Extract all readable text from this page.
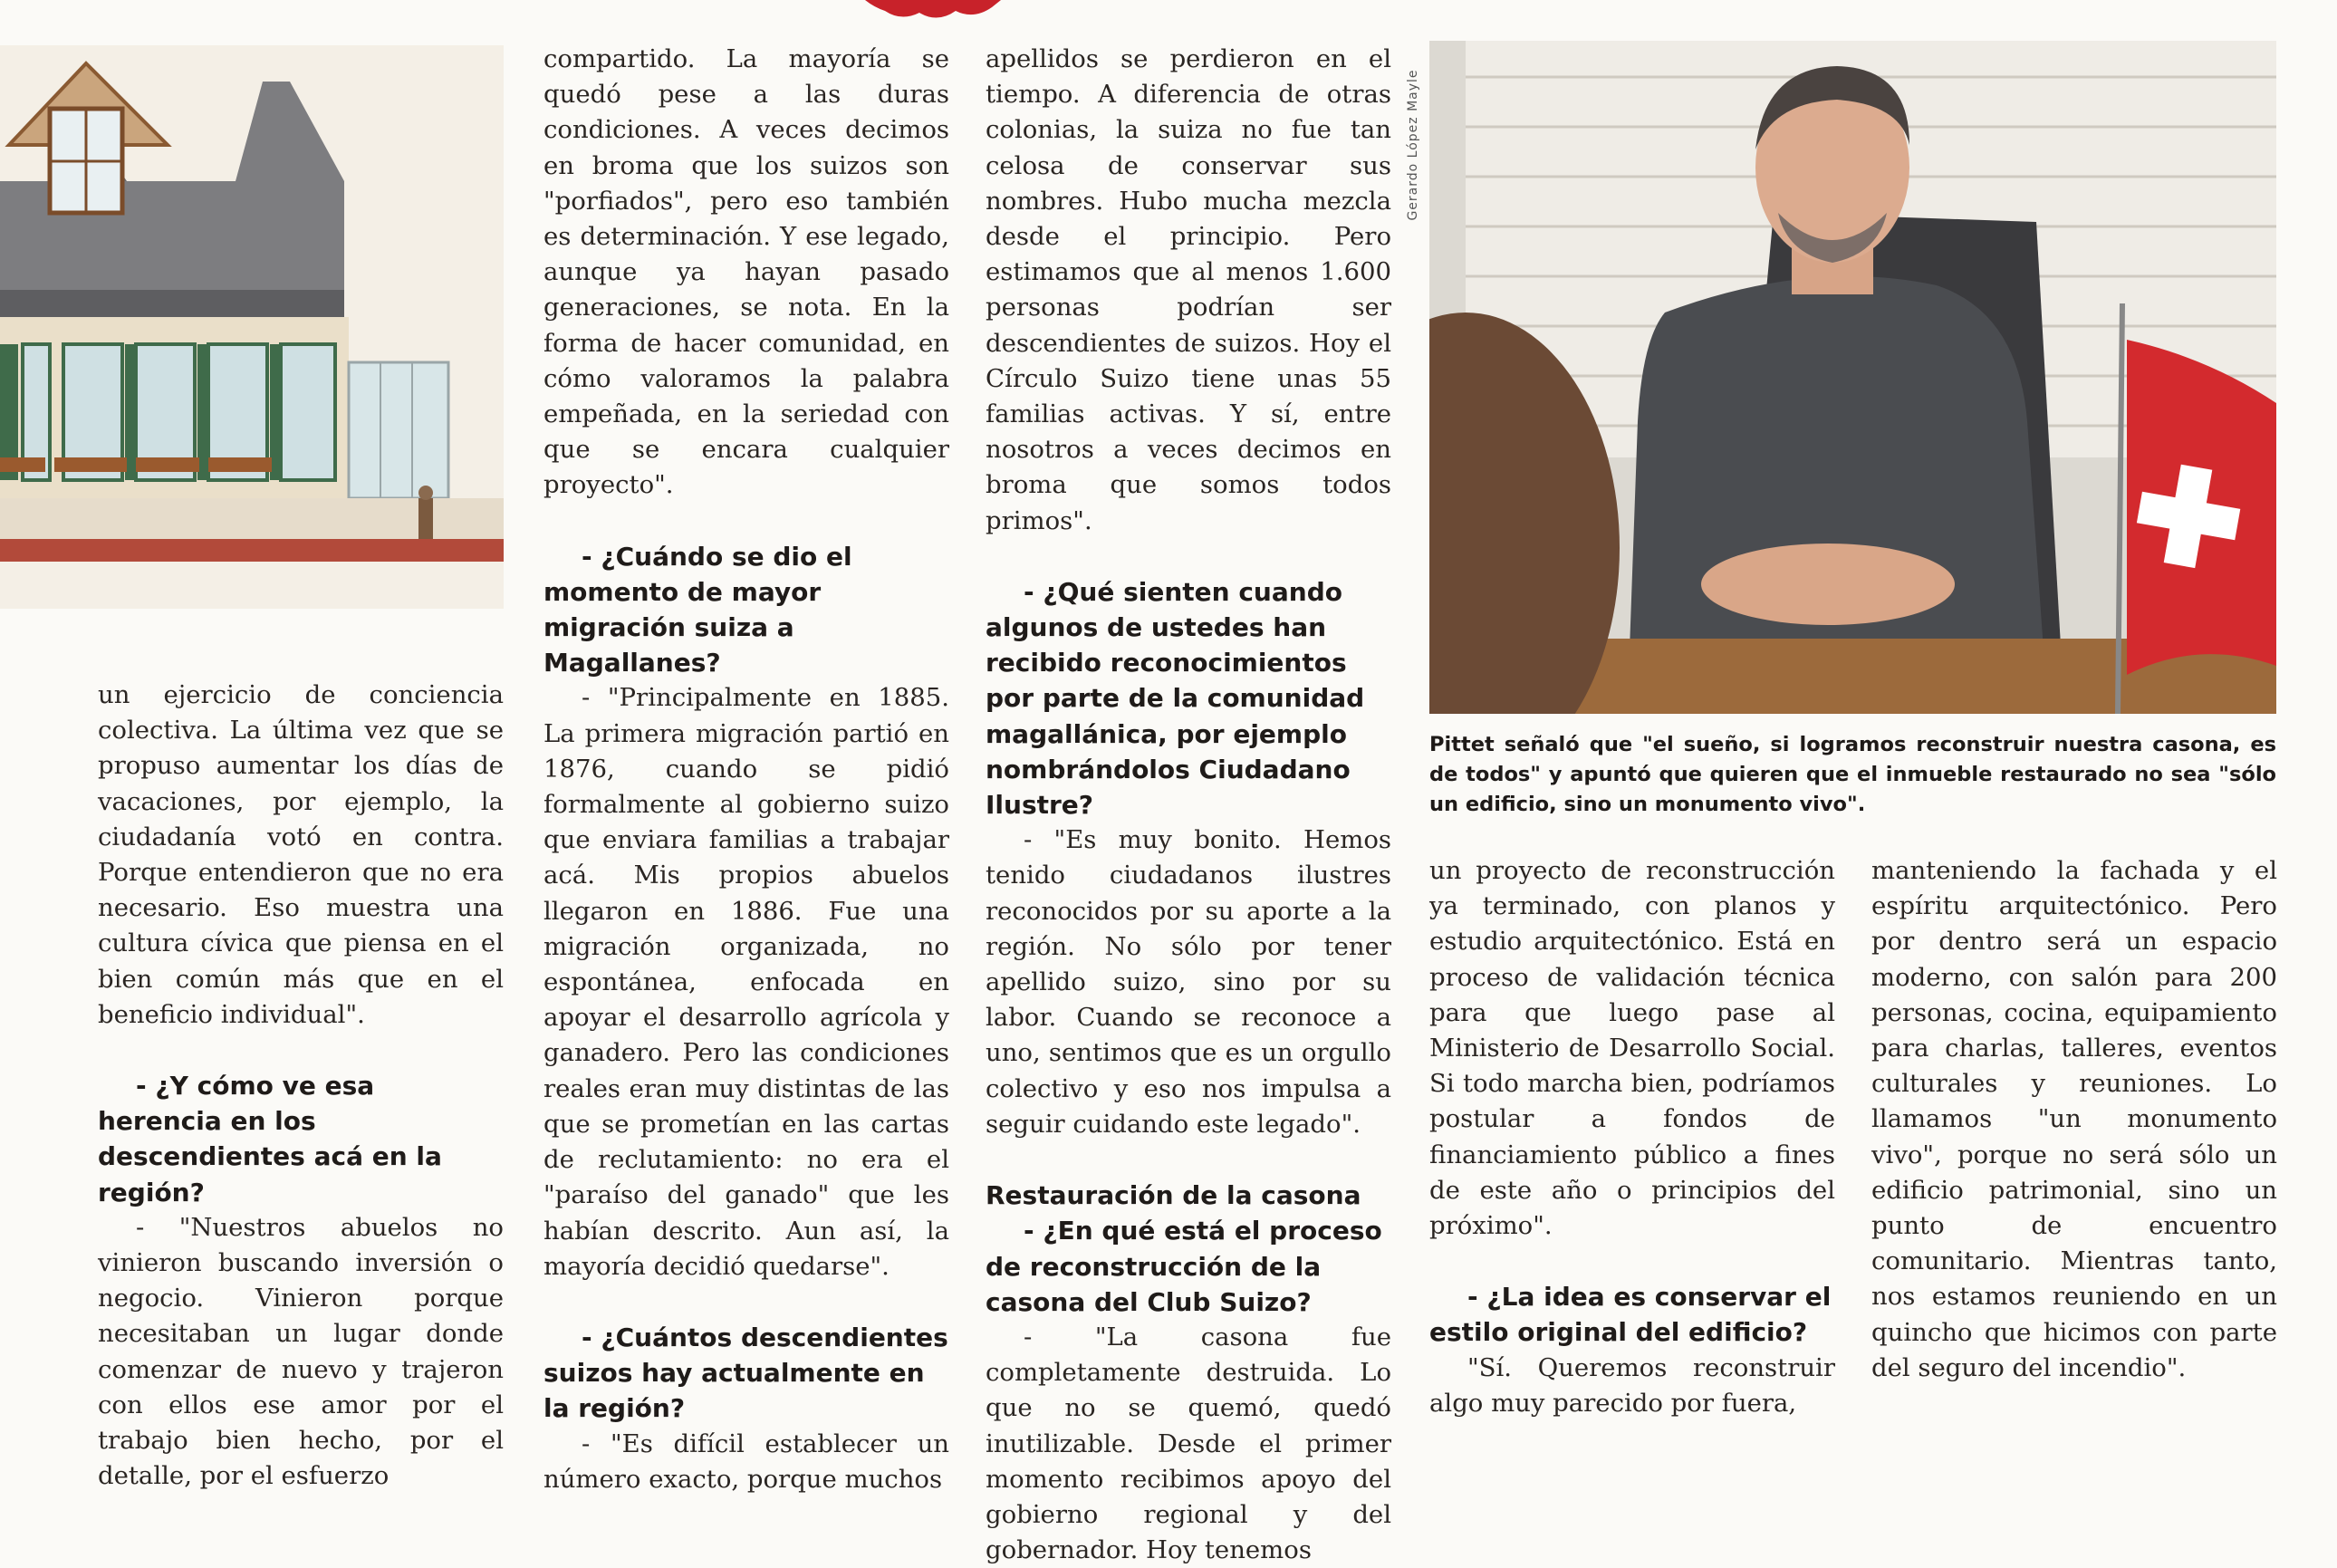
Gerardo López Mayle
Pittet señaló que "el sueño, si logramos reconstruir nuestra casona, es de todos" y apuntó que quieren que el inmueble restaurado no sea "sólo un edificio, sino un monumento vivo".

un ejercicio de conciencia colectiva. La última vez que se propuso aumentar los días de vacaciones, por ejemplo, la ciudadanía votó en contra. Porque entendieron que no era necesario. Eso muestra una cultura cívica que piensa en el bien común más que en el beneficio individual".

- ¿Y cómo ve esa herencia en los descendientes acá en la región?

- "Nuestros abuelos no vinieron buscando inversión o negocio. Vinieron porque necesitaban un lugar donde comenzar de nuevo y trajeron con ellos ese amor por el trabajo bien hecho, por el detalle, por el esfuerzo

compartido. La mayoría se quedó pese a las duras condiciones. A veces decimos en broma que los suizos son "porfiados", pero eso también es determinación. Y ese legado, aunque ya hayan pasado generaciones, se nota. En la forma de hacer comunidad, en cómo valoramos la palabra empeñada, en la seriedad con que se encara cualquier proyecto".

- ¿Cuándo se dio el momento de mayor migración suiza a Magallanes?

- "Principalmente en 1885. La primera migración partió en 1876, cuando se pidió formalmente al gobierno suizo que enviara familias a trabajar acá. Mis propios abuelos llegaron en 1886. Fue una migración organizada, no espontánea, enfocada en apoyar el desarrollo agrícola y ganadero. Pero las condiciones reales eran muy distintas de las que se prometían en las cartas de reclutamiento: no era el "paraíso del ganado" que les habían descrito. Aun así, la mayoría decidió quedarse".

- ¿Cuántos descendientes suizos hay actualmente en la región?

- "Es difícil establecer un número exacto, porque muchos

apellidos se perdieron en el tiempo. A diferencia de otras colonias, la suiza no fue tan celosa de conservar sus nombres. Hubo mucha mezcla desde el principio. Pero estimamos que al menos 1.600 personas podrían ser descendientes de suizos. Hoy el Círculo Suizo tiene unas 55 familias activas. Y sí, entre nosotros a veces decimos en broma que somos todos primos".

- ¿Qué sienten cuando algunos de ustedes han recibido reconocimientos por parte de la comunidad magallánica, por ejemplo nombrándolos Ciudadano Ilustre?

- "Es muy bonito. Hemos tenido ciudadanos ilustres reconocidos por su aporte a la región. No sólo por tener apellido suizo, sino por su labor. Cuando se reconoce a uno, sentimos que es un orgullo colectivo y eso nos impulsa a seguir cuidando este legado".

Restauración de la casona

- ¿En qué está el proceso de reconstrucción de la casona del Club Suizo?

- "La casona fue completamente destruida. Lo que no se quemó, quedó inutilizable. Desde el primer momento recibimos apoyo del gobierno regional y del gobernador. Hoy tenemos

un proyecto de reconstrucción ya terminado, con planos y estudio arquitectónico. Está en proceso de validación técnica para que luego pase al Ministerio de Desarrollo Social. Si todo marcha bien, podríamos postular a fondos de financiamiento público a fines de este año o principios del próximo".

- ¿La idea es conservar el estilo original del edificio?

"Sí. Queremos reconstruir algo muy parecido por fuera,

manteniendo la fachada y el espíritu arquitectónico. Pero por dentro será un espacio moderno, con salón para 200 personas, cocina, equipamiento para charlas, talleres, eventos culturales y reuniones. Lo llamamos "un monumento vivo", porque no será sólo un edificio patrimonial, sino un punto de encuentro comunitario. Mientras tanto, nos estamos reuniendo en un quincho que hicimos con parte del seguro del incendio".
